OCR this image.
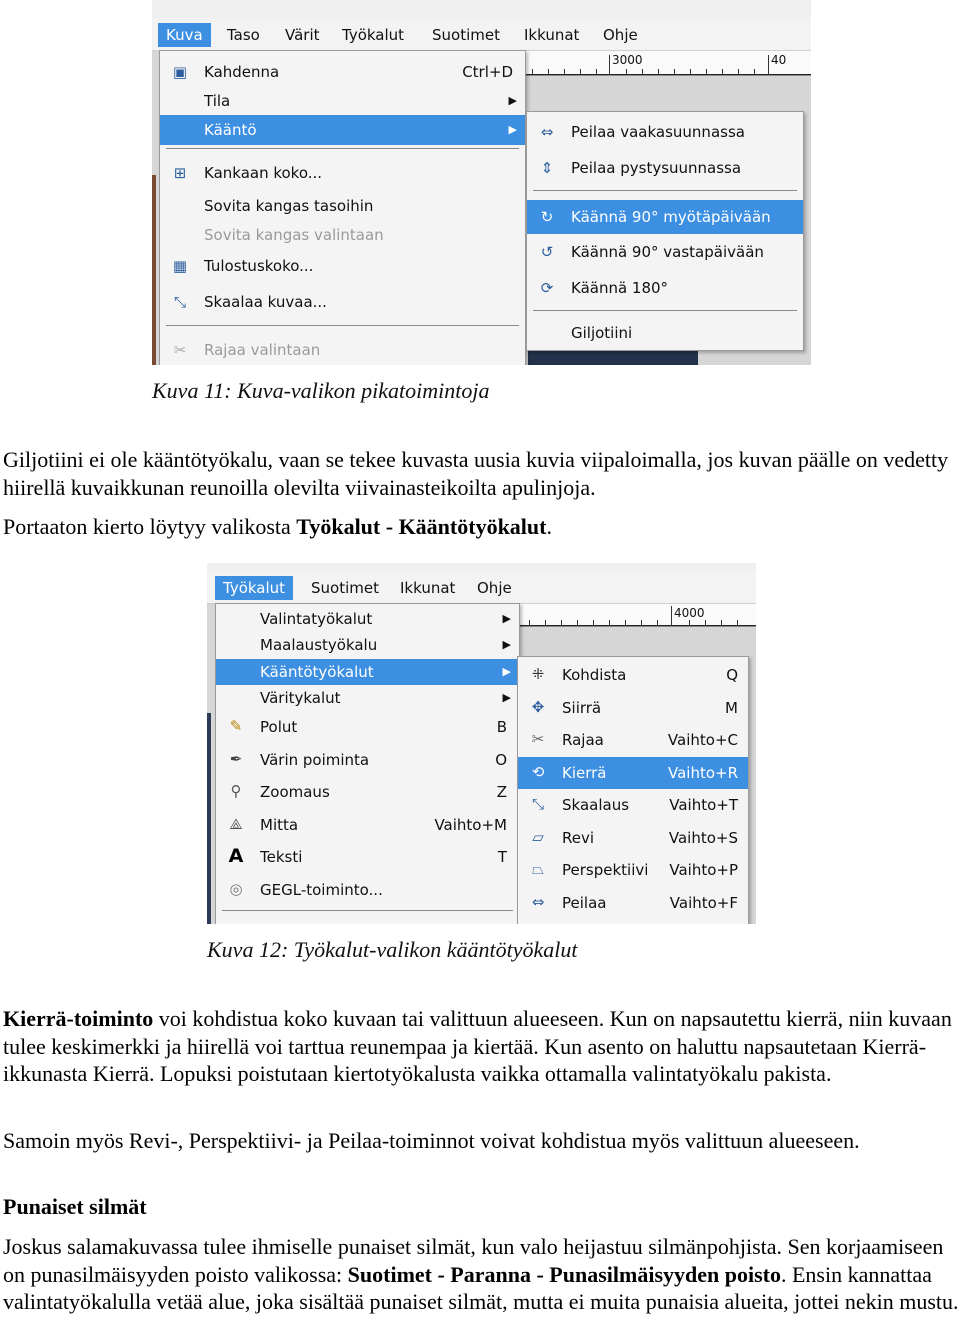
Kuva	Taso	Värit	Työkalut	Suotimet	Ikkunat	Ohje
3000	40
▣ Kahdenna	Ctrl+D
Tila	▶
Kääntö	▶
⊞ Kankaan koko...
Sovita kangas tasoihin
Sovita kangas valintaan
▦ Tulostuskoko...
⤡ Skaalaa kuvaa...
✂ Rajaa valintaan
⇔ Peilaa vaakasuunnassa
⇕ Peilaa pystysuunnassa
↻ Käännä 90° myötäpäivään
↺ Käännä 90° vastapäivään
⟳ Käännä 180°
Giljotiini
Kuva 11: Kuva-valikon pikatoimintoja
Giljotiini ei ole kääntötyökalu, vaan se tekee kuvasta uusia kuvia viipaloimalla, jos kuvan päälle on vedetty hiirellä kuvaikkunan reunoilla olevilta viivainasteikoilta apulinjoja.
Portaaton kierto löytyy valikosta Työkalut - Kääntötyökalut.
Työkalut	Suotimet	Ikkunat	Ohje
4000
Valintatyökalut	▶
Maalaustyökalu	▶
Kääntötyökalut	▶
Väritykalut	▶
✎ Polut	B
✒ Värin poiminta	O
⚲ Zoomaus	Z
⟁ Mitta	Vaihto+M
A Teksti	T
◎ GEGL-toiminto...
⁜ Kohdista	Q
✥ Siirrä	M
✂ Rajaa	Vaihto+C
⟲ Kierrä	Vaihto+R
⤡ Skaalaus	Vaihto+T
▱ Revi	Vaihto+S
⏢ Perspektiivi Vaihto+P
⇔ Peilaa	Vaihto+F
Kuva 12: Työkalut-valikon kääntötyökalut
Kierrä-toiminto voi kohdistua koko kuvaan tai valittuun alueeseen. Kun on napsautettu kierrä, niin kuvaan tulee keskimerkki ja hiirellä voi tarttua reunempaa ja kiertää. Kun asento on haluttu napsautetaan Kierrä-ikkunasta Kierrä. Lopuksi poistutaan kiertotyökalusta vaikka ottamalla valintatyökalu pakista.
Samoin myös Revi-, Perspektiivi- ja Peilaa-toiminnot voivat kohdistua myös valittuun alueeseen.
Punaiset silmät
Joskus salamakuvassa tulee ihmiselle punaiset silmät, kun valo heijastuu silmänpohjista. Sen korjaamiseen on punasilmäisyyden poisto valikossa: Suotimet - Paranna - Punasilmäisyyden poisto. Ensin kannattaa valintatyökalulla vetää alue, joka sisältää punaiset silmät, mutta ei muita punaisia alueita, jottei nekin mustu.
